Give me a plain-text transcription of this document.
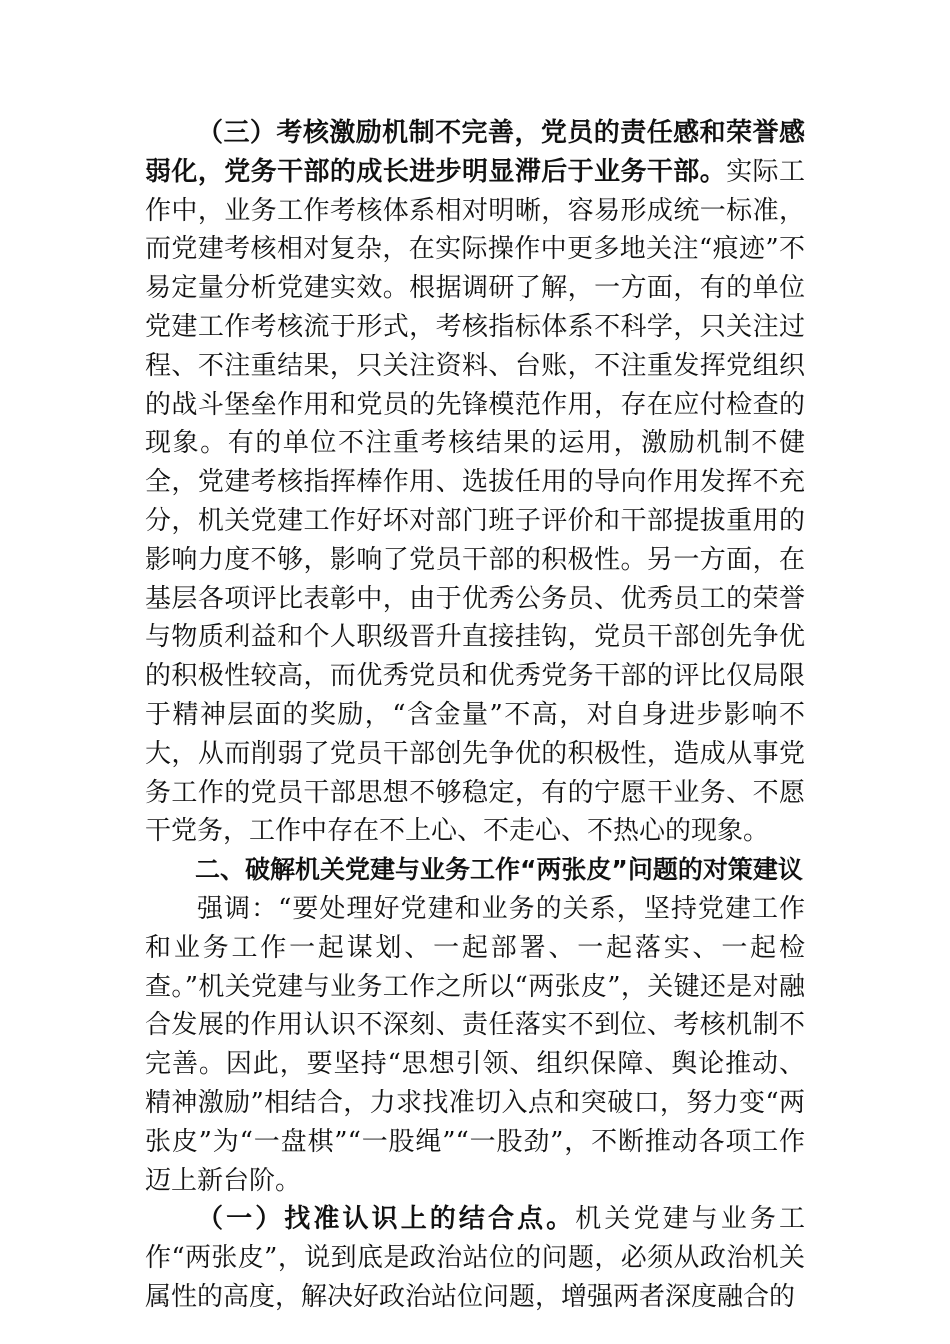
（三）考核激励机制不完善，党员的责任感和荣誉感弱化，党务干部的成长进步明显滞后于业务干部。实际工作中，业务工作考核体系相对明晰，容易形成统一标准，而党建考核相对复杂，在实际操作中更多地关注“痕迹”不易定量分析党建实效。根据调研了解，一方面，有的单位党建工作考核流于形式，考核指标体系不科学，只关注过程、不注重结果，只关注资料、台账，不注重发挥党组织的战斗堡垒作用和党员的先锋模范作用，存在应付检查的现象。有的单位不注重考核结果的运用，激励机制不健全，党建考核指挥棒作用、选拔任用的导向作用发挥不充分，机关党建工作好坏对部门班子评价和干部提拔重用的影响力度不够，影响了党员干部的积极性。另一方面，在基层各项评比表彰中，由于优秀公务员、优秀员工的荣誉与物质利益和个人职级晋升直接挂钩，党员干部创先争优的积极性较高，而优秀党员和优秀党务干部的评比仅局限于精神层面的奖励，“含金量”不高，对自身进步影响不大，从而削弱了党员干部创先争优的积极性，造成从事党务工作的党员干部思想不够稳定，有的宁愿干业务、不愿干党务，工作中存在不上心、不走心、不热心的现象。

二、破解机关党建与业务工作“两张皮”问题的对策建议

强调：“要处理好党建和业务的关系，坚持党建工作和业务工作一起谋划、一起部署、一起落实、一起检查。”机关党建与业务工作之所以“两张皮”，关键还是对融合发展的作用认识不深刻、责任落实不到位、考核机制不完善。因此，要坚持“思想引领、组织保障、舆论推动、精神激励”相结合，力求找准切入点和突破口，努力变“两张皮”为“一盘棋”“一股绳”“一股劲”，不断推动各项工作迈上新台阶。

（一）找准认识上的结合点。机关党建与业务工作“两张皮”，说到底是政治站位的问题，必须从政治机关属性的高度，解决好政治站位问题，增强两者深度融合的
